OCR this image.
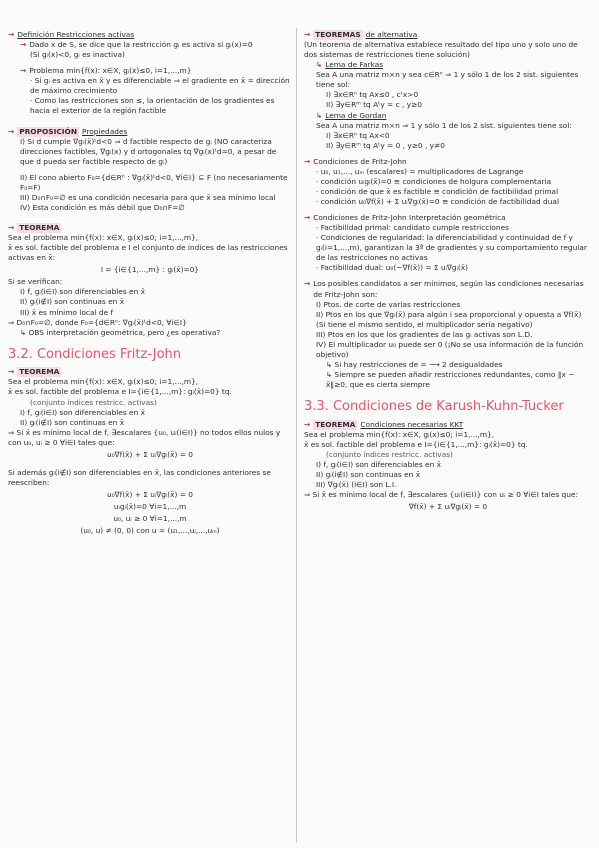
→ Definición Restricciones activas
→ Dado x de S, se dice que la restricción gᵢ es activa si gᵢ(x)=0
(Si gᵢ(x)<0, gᵢ es inactiva)
→ Problema min{f(x): x∈X, gᵢ(x)≤0, i=1,...,m}
· Si gᵢ es activa en x̄ y es diferenciable ⇒ el gradiente en x̄ = dirección de máximo crecimiento
· Como las restricciones son ≤, la orientación de los gradientes es hacia el exterior de la región factible
→ PROPOSICIÓN Propiedades
I) Si d cumple ∇gᵢ(x̄)ᵗd<0 ⇒ d factible respecto de gᵢ (NO caracteriza direcciones factibles, ∇gᵢ(x) y d ortogonales tq ∇gᵢ(x)ᵗd=0, a pesar de que d pueda ser factible respecto de gᵢ)
II) El cono abierto F₀={d∈Rⁿ : ∇gᵢ(x̄)ᵗd<0, ∀i∈I} ⊆ F (no necesariamente F₀=F)
III) D₀∩F₀=∅ es una condición necesaria para que x̄ sea mínimo local
IV) Esta condición es más débil que D₀∩F=∅
→ TEOREMA
Sea el problema min{f(x): x∈X, gᵢ(x)≤0; i=1,...,m},
x̄ es sol. factible del problema e I el conjunto de índices de las restricciones activas en x̄:
I = {i∈{1,...,m} : gᵢ(x̄)=0}
Si se verifican:
I) f, gᵢ(i∈I) son diferenciables en x̄
II) gᵢ(i∉I) son continuas en x̄
III) x̄ es mínimo local de f
⇒ D₀∩F₀=∅, donde F₀={d∈Rⁿ: ∇gᵢ(x̄)ᵗd<0, ∀i∈I}
↳ OBS interpretación geométrica, pero ¿es operativa?
3.2. Condiciones Fritz-John
→ TEOREMA
Sea el problema min{f(x): x∈X, gᵢ(x)≤0; i=1,...,m},
x̄ es sol. factible del problema e I={i∈{1,...,m}: gᵢ(x̄)=0} tq.
(conjunto índices restricc. activas)
I) f, gᵢ(i∈I) son diferenciables en x̄
II) gᵢ(i∉I) son continuas en x̄
⇒ Si x̄ es mínimo local de f, ∃escalares {u₀, uᵢ(i∈I)} no todos ellos nulos y con u₀, uᵢ ≥ 0 ∀i∈I tales que:
u₀∇f(x̄) + Σ uᵢ∇gᵢ(x̄) = 0
Si además gᵢ(i∉I) son diferenciables en x̄, las condiciones anteriores se reescriben:
u₀∇f(x̄) + Σ uᵢ∇gᵢ(x̄) = 0
uᵢgᵢ(x̄)=0 ∀i=1,...,m
u₀, uᵢ ≥ 0 ∀i=1,...,m
(u₀, u) ≠ (0, 0) con u = (u₁,...,uᵢ,...,uₘ)
→ TEOREMAS de alternativa
(Un teorema de alternativa establece resultado del tipo uno y solo uno de dos sistemas de restricciones tiene solución)
↳ Lema de Farkas
Sea A una matriz m×n y sea c∈Rⁿ ⇒ 1 y sólo 1 de los 2 sist. siguientes tiene sol:
I) ∃x∈Rⁿ tq Ax≤0 , cᵗx>0
II) ∃y∈Rᵐ tq Aᵗy = c , y≥0
↳ Lema de Gordan
Sea A una matriz m×n ⇒ 1 y sólo 1 de los 2 sist. siguientes tiene sol:
I) ∃x∈Rⁿ tq Ax<0
II) ∃y∈Rᵐ tq Aᵗy = 0 , y≥0 , y≠0
→ Condiciones de Fritz-John
· u₀, u₁,..., uₘ (escalares) = multiplicadores de Lagrange
· condición uᵢgᵢ(x̄)=0 ≡ condiciones de holgura complementaria
· condición de que x̄ es factible ≡ condición de factibilidad primal
· condición u₀∇f(x̄) + Σ uᵢ∇gᵢ(x̄)=0 ≡ condición de factibilidad dual
→ Condiciones de Fritz-John Interpretación geométrica
· Factibilidad primal: candidato cumple restricciones
· Condiciones de regularidad: la diferenciabilidad y continuidad de f y gᵢ(i=1,...,m), garantizan la 3ª de gradientes y su comportamiento regular de las restricciones no activas
· Factibilidad dual: u₀(−∇f(x̄)) = Σ uᵢ∇gᵢ(x̄)
→ Los posibles candidatos a ser mínimos, según las condiciones necesarias de Fritz-John son:
I) Ptos. de corte de varias restricciones
II) Ptos en los que ∇gᵢ(x̄) para algún i sea proporcional y opuesta a ∇f(x̄) (Si tiene el mismo sentido, el multiplicador sería negativo)
III) Ptos en los que los gradientes de las gᵢ activas son L.D.
IV) El multiplicador u₀ puede ser 0 (¡No se usa información de la función objetivo)
↳ Si hay restricciones de = ⟶ 2 desigualdades
↳ Siempre se pueden añadir restricciones redundantes, como ‖x − x̄‖≥0, que es cierta siempre
3.3. Condiciones de Karush-Kuhn-Tucker
→ TEOREMA Condiciones necesarias KKT
Sea el problema min{f(x): x∈X, gᵢ(x)≤0; i=1,...,m},
x̄ es sol. factible del problema e I={i∈{1,...,m}: gᵢ(x̄)=0} tq.
(conjunto índices restricc. activas)
I) f, gᵢ(i∈I) son diferenciables en x̄
II) gᵢ(i∉I) son continuas en x̄
III) ∇gᵢ(x̄) (i∈I) son L.I.
⇒ Si x̄ es mínimo local de f, ∃escalares {uᵢ(i∈I)} con uᵢ ≥ 0 ∀i∈I tales que:
∇f(x̄) + Σ uᵢ∇gᵢ(x̄) = 0
